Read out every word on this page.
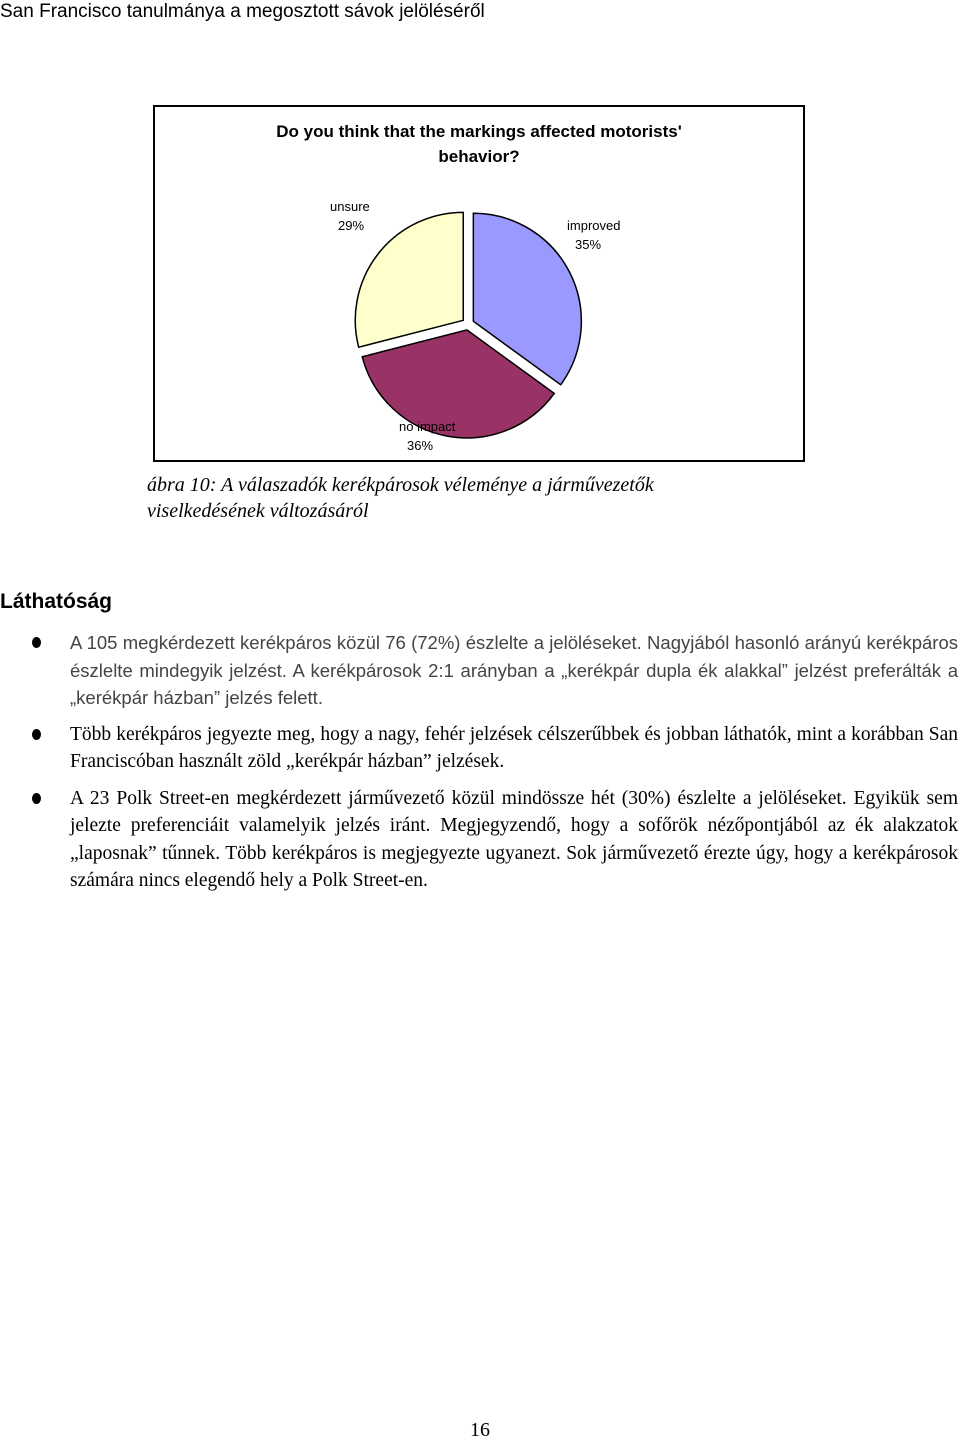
San Francisco tanulmánya a megosztott sávok jelöléséről
Do you think that the markings affected motorists' behavior?
improved
35%
no impact
36%
unsure
29%
ábra 10: A válaszadók kerékpárosok véleménye a járművezetők
viselkedésének változásáról
Láthatóság
A 105 megkérdezett kerékpáros közül 76 (72%) észlelte a jelöléseket. Nagyjából hasonló arányú kerékpáros észlelte mindegyik jelzést. A kerékpárosok 2:1 arányban a „kerékpár dupla ék alakkal” jelzést preferálták a „kerékpár házban” jelzés felett.
Több kerékpáros jegyezte meg, hogy a nagy, fehér jelzések célszerűbbek és jobban láthatók, mint a korábban San Franciscóban használt zöld „kerékpár házban” jelzések.
A 23 Polk Street-en megkérdezett járművezető közül mindössze hét (30%) észlelte a jelöléseket. Egyikük sem jelezte preferenciáit valamelyik jelzés iránt. Megjegyzendő, hogy a sofőrök nézőpontjából az ék alakzatok „laposnak” tűnnek. Több kerékpáros is megjegyezte ugyanezt. Sok járművezető érezte úgy, hogy a kerékpárosok számára nincs elegendő hely a Polk Street-en.
16
